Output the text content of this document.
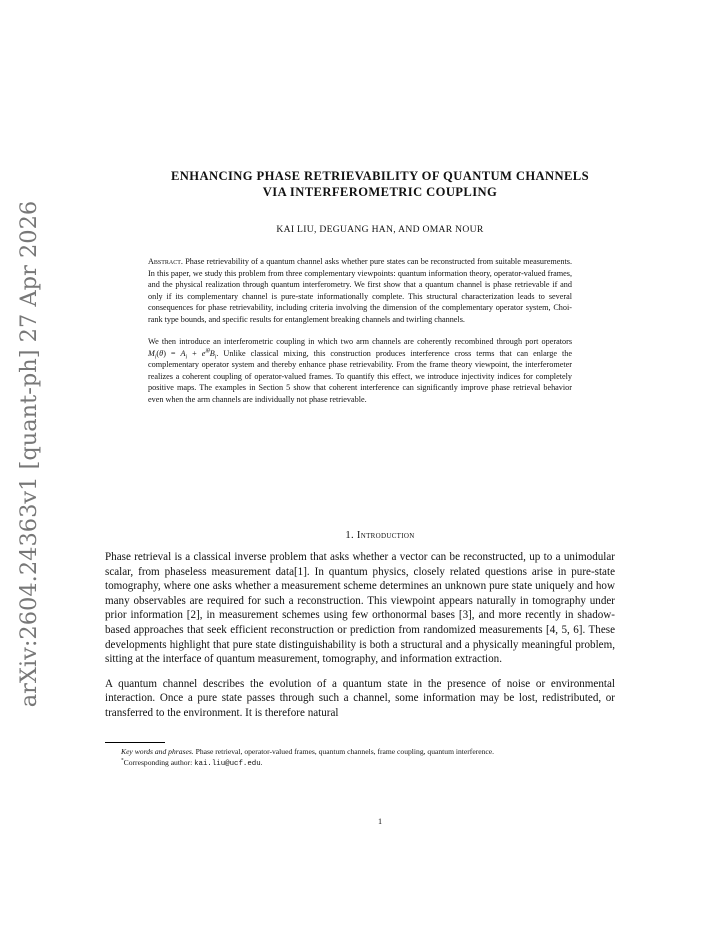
arXiv:2604.24363v1 [quant-ph] 27 Apr 2026
ENHANCING PHASE RETRIEVABILITY OF QUANTUM CHANNELS
VIA INTERFEROMETRIC COUPLING
KAI LIU, DEGUANG HAN, AND OMAR NOUR

Abstract. Phase retrievability of a quantum channel asks whether pure states can be reconstructed from suitable measurements. In this paper, we study this problem from three complementary viewpoints: quantum information theory, operator-valued frames, and the physical realization through quantum interferometry. We first show that a quantum channel is phase retrievable if and only if its complementary channel is pure-state informationally complete. This structural characterization leads to several consequences for phase retrievability, including criteria involving the dimension of the complementary operator system, Choi-rank type bounds, and specific results for entanglement breaking channels and twirling channels.

We then introduce an interferometric coupling in which two arm channels are coherently recombined through port operators $M_i(\theta) = A_i + e^{i\theta}B_i$. Unlike classical mixing, this construction produces interference cross terms that can enlarge the complementary operator system and thereby enhance phase retrievability. From the frame theory viewpoint, the interferometer realizes a coherent coupling of operator-valued frames. To quantify this effect, we introduce injectivity indices for completely positive maps. The examples in Section 5 show that coherent interference can significantly improve phase retrieval behavior even when the arm channels are individually not phase retrievable.

1. Introduction

Phase retrieval is a classical inverse problem that asks whether a vector can be reconstructed, up to a unimodular scalar, from phaseless measurement data[1]. In quantum physics, closely related questions arise in pure-state tomography, where one asks whether a measurement scheme determines an unknown pure state uniquely and how many observables are required for such a reconstruction. This viewpoint appears naturally in tomography under prior information [2], in measurement schemes using few orthonormal bases [3], and more recently in shadow-based approaches that seek efficient reconstruction or prediction from randomized measurements [4, 5, 6]. These developments highlight that pure state distinguishability is both a structural and a physically meaningful problem, sitting at the interface of quantum measurement, tomography, and information extraction.

A quantum channel describes the evolution of a quantum state in the presence of noise or environmental interaction. Once a pure state passes through such a channel, some information may be lost, redistributed, or transferred to the environment. It is therefore natural

Key words and phrases. Phase retrieval, operator-valued frames, quantum channels, frame coupling, quantum interference.

*Corresponding author: kai.liu@ucf.edu.

1
